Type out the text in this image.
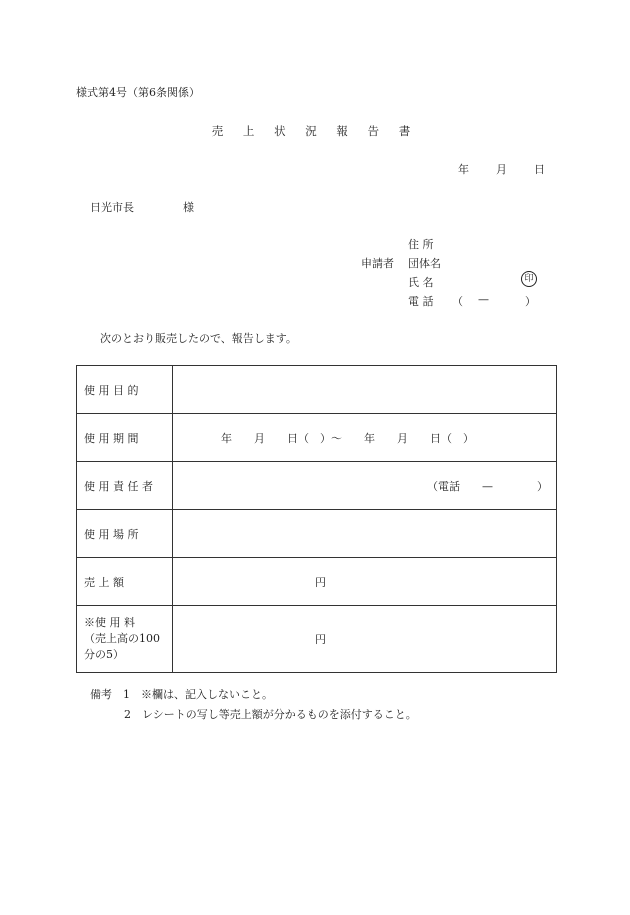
様式第4号（第6条関係）
売 上 状 況 報 告 書
年 月 日
日光市長	様
申請者
住 所
団体名
氏 名	印
電 話 （ —	）
次のとおり販売したので、報告します。
使 用 目 的	
使 用 期 間	年　　月　　日（　）～　　年　　月　　日（　）
使 用 責 任 者	（電話　　—　　　　）
使 用 場 所	
売 上 額	円

※使 用 料
（売上高の100
分の5）	円
備考　1　※欄は、記入しないこと。
2　レシートの写し等売上額が分かるものを添付すること。
